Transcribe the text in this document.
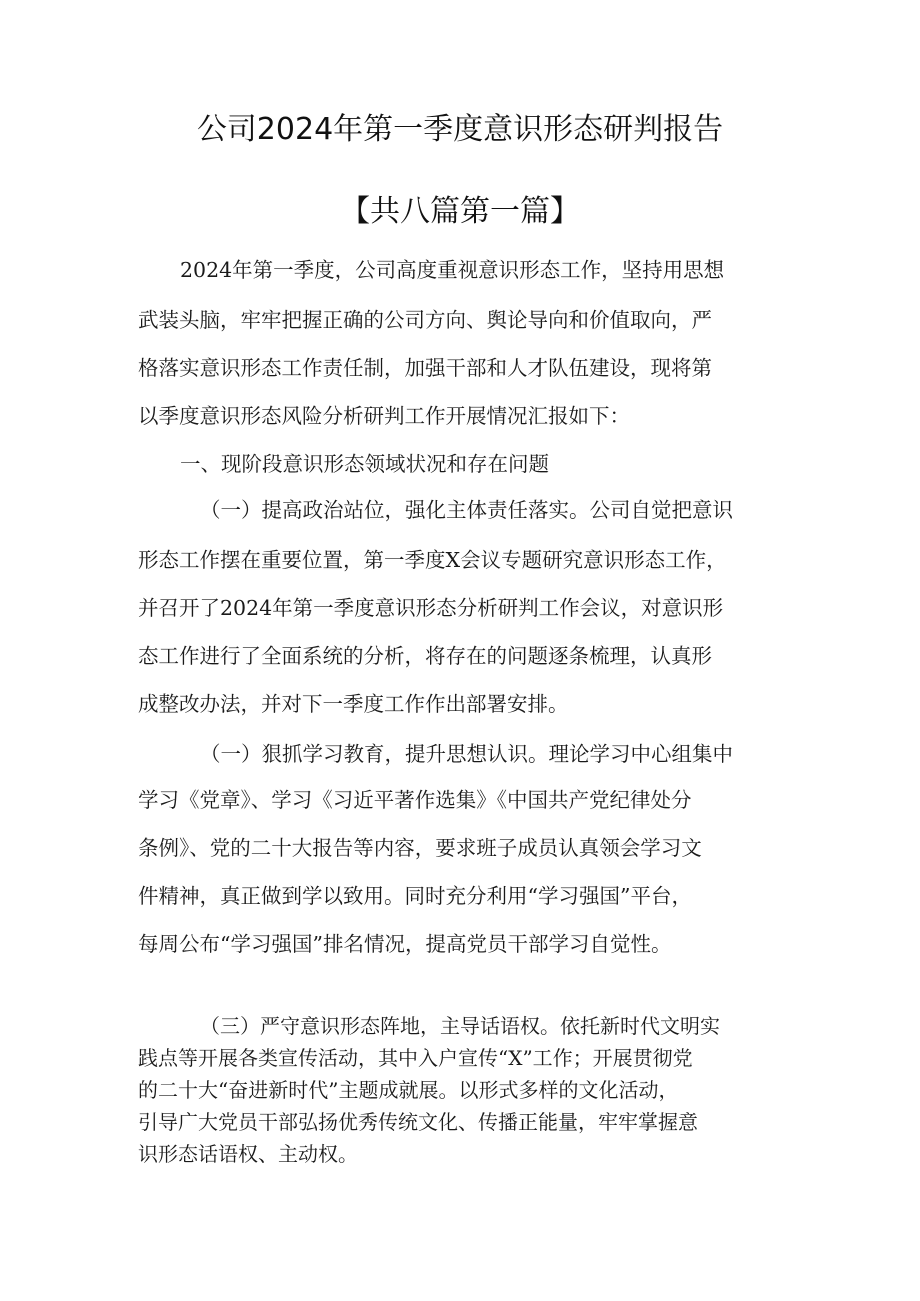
公司2024年第一季度意识形态研判报告
【共八篇第一篇】
2024年第一季度，公司高度重视意识形态工作，坚持用思想
武装头脑，牢牢把握正确的公司方向、舆论导向和价值取向，严
格落实意识形态工作责任制，加强干部和人才队伍建设，现将第
以季度意识形态风险分析研判工作开展情况汇报如下：
一、现阶段意识形态领域状况和存在问题
（一）提高政治站位，强化主体责任落实。公司自觉把意识
形态工作摆在重要位置，第一季度X会议专题研究意识形态工作，
并召开了2024年第一季度意识形态分析研判工作会议，对意识形
态工作进行了全面系统的分析，将存在的问题逐条梳理，认真形
成整改办法，并对下一季度工作作出部署安排。
（一）狠抓学习教育，提升思想认识。理论学习中心组集中
学习《党章》、学习《习近平著作选集》《中国共产党纪律处分
条例》、党的二十大报告等内容，要求班子成员认真领会学习文
件精神，真正做到学以致用。同时充分利用“学习强国”平台，
每周公布“学习强国”排名情况，提高党员干部学习自觉性。
（三）严守意识形态阵地，主导话语权。依托新时代文明实
践点等开展各类宣传活动，其中入户宣传“X”工作；开展贯彻党
的二十大“奋进新时代”主题成就展。以形式多样的文化活动，
引导广大党员干部弘扬优秀传统文化、传播正能量，牢牢掌握意
识形态话语权、主动权。
